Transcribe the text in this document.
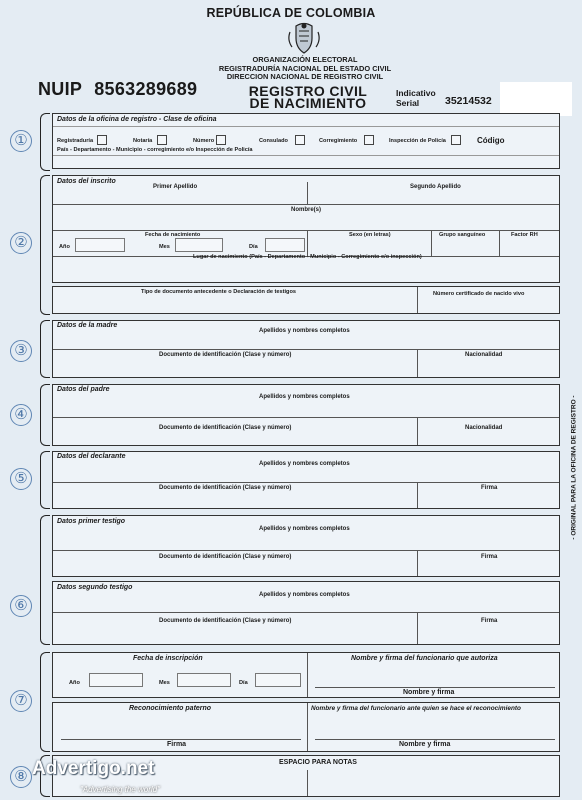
REPÚBLICA DE COLOMBIA
ORGANIZACIÓN ELECTORAL
REGISTRADURÍA NACIONAL DEL ESTADO CIVIL
DIRECCION NACIONAL DE REGISTRO CIVIL
NUIP 8563289689	REGISTRO CIVIL
DE NACIMIENTO
Indicativo
Serial	35214532
①
②
③
④
⑤
⑥
⑦
⑧
Datos de la oficina de registro - Clase de oficina
Registraduría	Notaría	Número	Consulado	Corregimiento	Inspección de Policía	Código
País - Departamento - Municipio - corregimiento e/o Inspección de Policía
Datos del inscrito
Primer Apellido	Segundo Apellido
Nombre(s)
Fecha de nacimiento	Sexo (en letras)	Grupo sanguíneo	Factor RH
Año	Mes	Día
Lugar de nacimiento (País - Departamento - Municipio - Corregimiento e/o inspección)
Tipo de documento antecedente o Declaración de testigos	Número certificado de nacido vivo
Datos de la madre
Apellidos y nombres completos
Documento de identificación (Clase y número)	Nacionalidad
Datos del padre
Apellidos y nombres completos
Documento de identificación (Clase y número)	Nacionalidad
Datos del declarante
Apellidos y nombres completos
Documento de identificación (Clase y número)	Firma
Datos primer testigo
Apellidos y nombres completos
Documento de identificación (Clase y número)	Firma
Datos segundo testigo
Apellidos y nombres completos
Documento de identificación (Clase y número)	Firma
Fecha de inscripción	Nombre y firma del funcionario que autoriza
Año	Mes	Día
Nombre y firma
Reconocimiento paterno	Nombre y firma del funcionario ante quien se hace el reconocimiento
Firma	Nombre y firma
ESPACIO PARA NOTAS
- ORIGINAL PARA LA OFICINA DE REGISTRO -
Advertigo.net
"Advertising the world"
